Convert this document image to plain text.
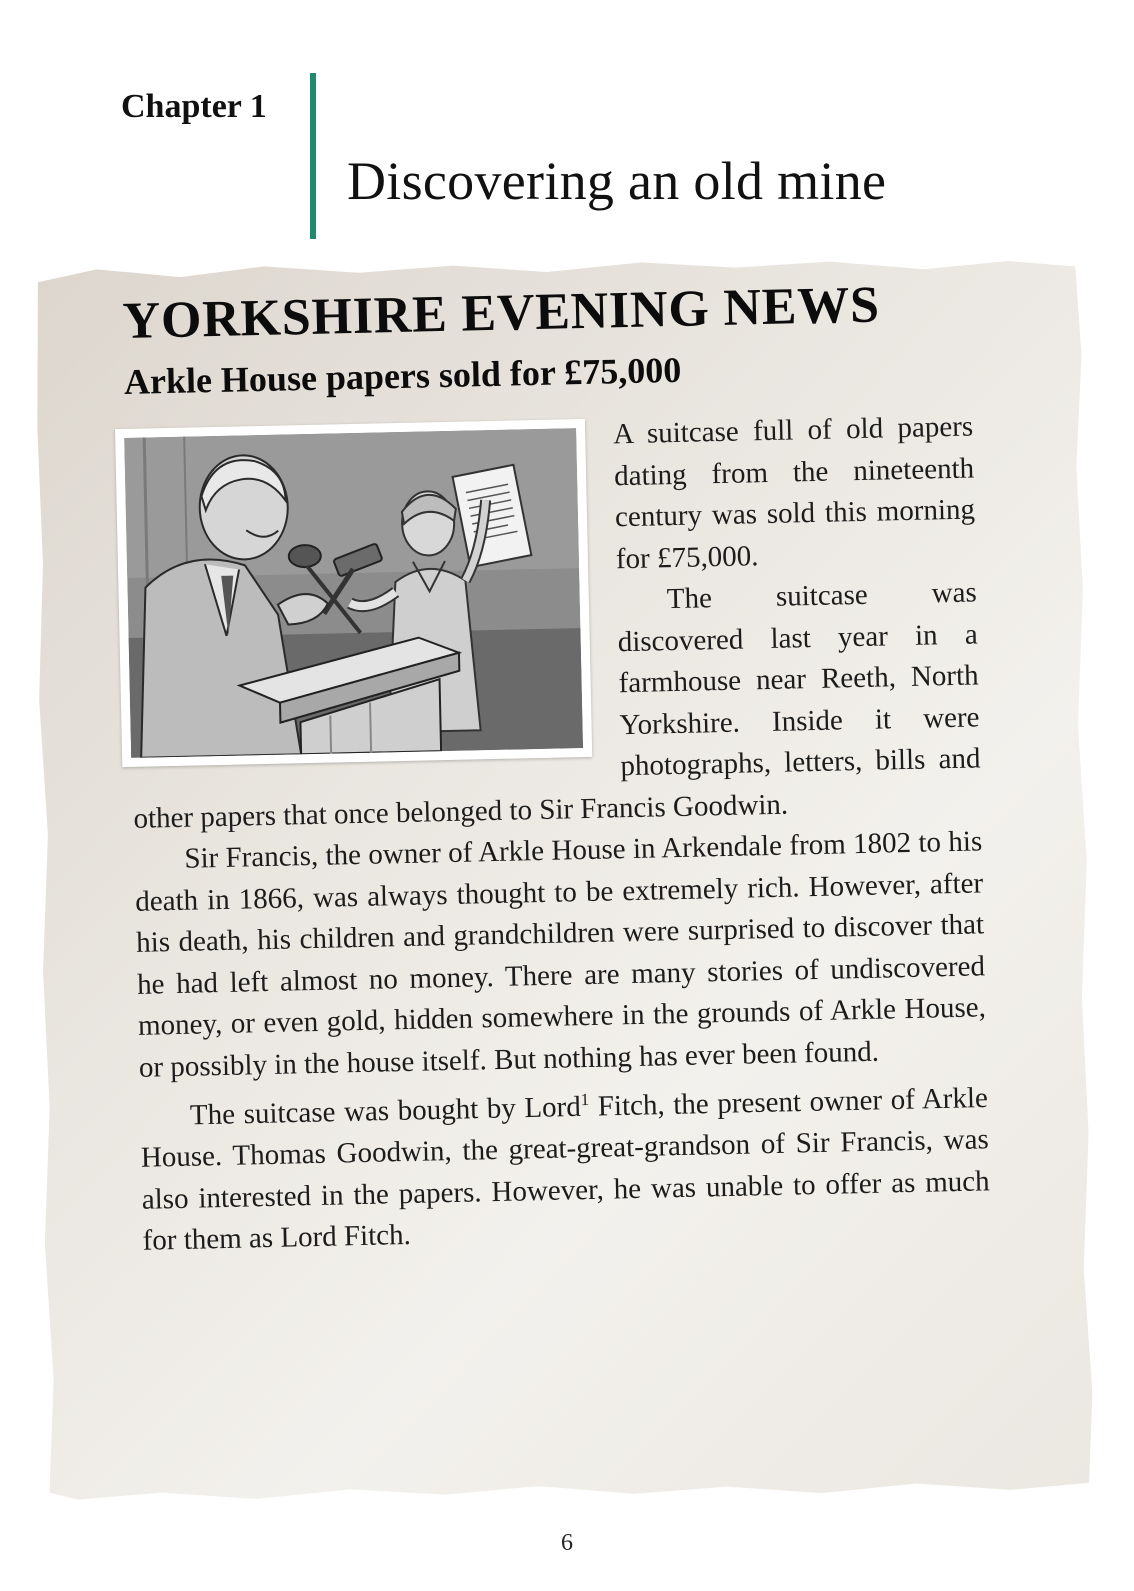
Chapter 1
Discovering an old mine
YORKSHIRE EVENING NEWS
Arkle House papers sold for £75,000

A suitcase full of old papers dating from the nineteenth century was sold this morning for £75,000.

The suitcase was discovered last year in a farmhouse near Reeth, North Yorkshire. Inside it were photographs, letters, bills and other papers that once belonged to Sir Francis Goodwin.

Sir Francis, the owner of Arkle House in Arkendale from 1802 to his death in 1866, was always thought to be extremely rich. However, after his death, his children and grandchildren were surprised to discover that he had left almost no money. There are many stories of undiscovered money, or even gold, hidden somewhere in the grounds of Arkle House, or possibly in the house itself. But nothing has ever been found.

The suitcase was bought by Lord$^1$ Fitch, the present owner of Arkle House. Thomas Goodwin, the great-great-grandson of Sir Francis, was also interested in the papers. However, he was unable to offer as much for them as Lord Fitch.

6
